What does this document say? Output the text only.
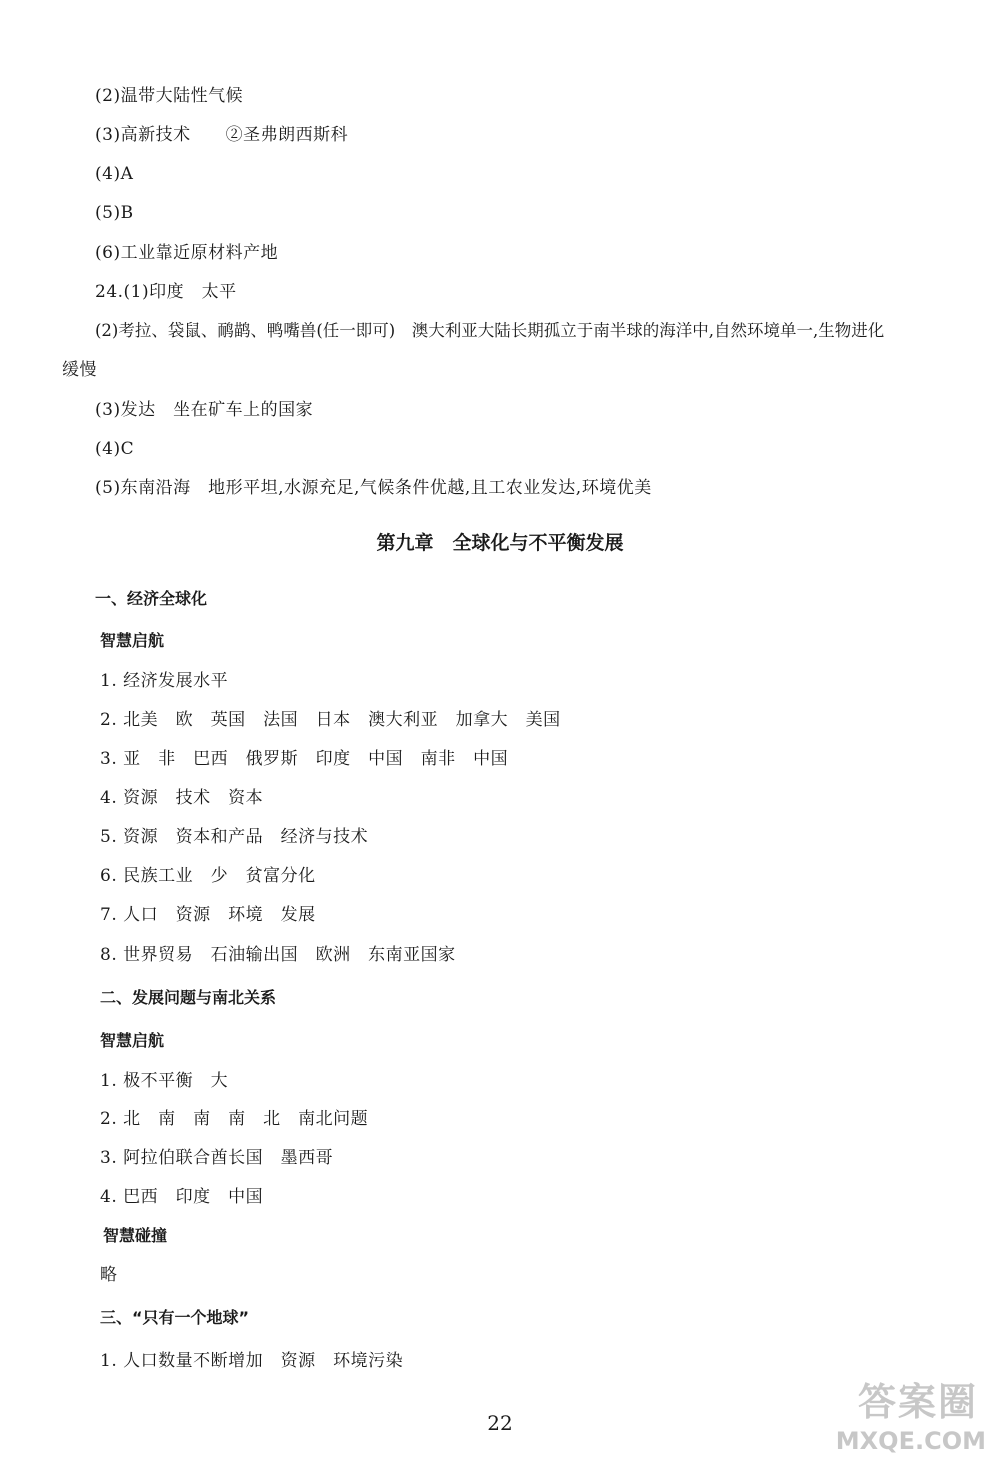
(2)温带大陆性气候
(3)高新技术　　②圣弗朗西斯科
(4)A
(5)B
(6)工业靠近原材料产地
24.(1)印度　太平
(2)考拉、袋鼠、鸸鹋、鸭嘴兽(任一即可)　澳大利亚大陆长期孤立于南半球的海洋中,自然环境单一,生物进化
缓慢
(3)发达　坐在矿车上的国家
(4)C
(5)东南沿海　地形平坦,水源充足,气候条件优越,且工农业发达,环境优美
第九章　全球化与不平衡发展
一、经济全球化
智慧启航
1. 经济发展水平
2. 北美　欧　英国　法国　日本　澳大利亚　加拿大　美国
3. 亚　非　巴西　俄罗斯　印度　中国　南非　中国
4. 资源　技术　资本
5. 资源　资本和产品　经济与技术
6. 民族工业　少　贫富分化
7. 人口　资源　环境　发展
8. 世界贸易　石油输出国　欧洲　东南亚国家
二、发展问题与南北关系
智慧启航
1. 极不平衡　大
2. 北　南　南　南　北　南北问题
3. 阿拉伯联合酋长国　墨西哥
4. 巴西　印度　中国
智慧碰撞
略
三、“只有一个地球”
1. 人口数量不断增加　资源　环境污染
22	答案圈
MXQE.COM
